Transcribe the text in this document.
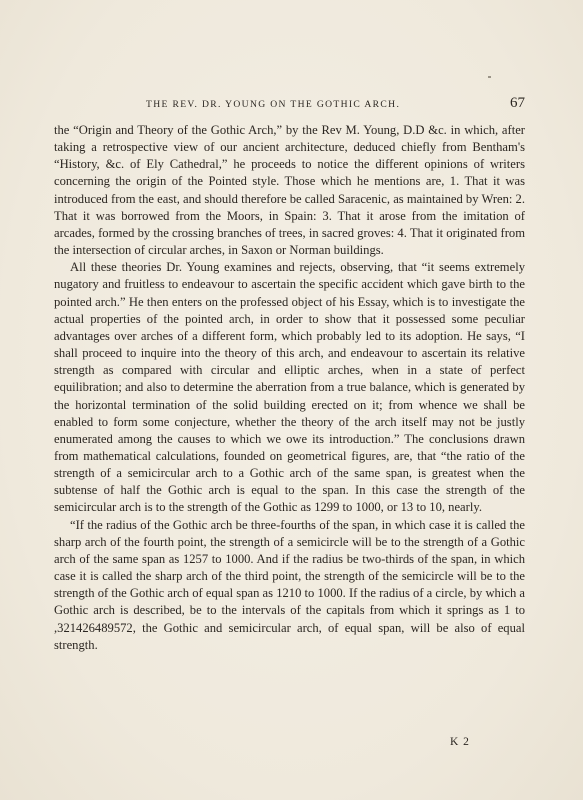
THE REV. DR. YOUNG ON THE GOTHIC ARCH.	67

the “Origin and Theory of the Gothic Arch,” by the Rev M. Young, D.D &c. in which, after taking a retrospective view of our ancient architecture, deduced chiefly from Bentham's “History, &c. of Ely Cathedral,” he proceeds to notice the different opinions of writers concerning the origin of the Pointed style. Those which he mentions are, 1. That it was introduced from the east, and should therefore be called Saracenic, as maintained by Wren: 2. That it was borrowed from the Moors, in Spain: 3. That it arose from the imitation of arcades, formed by the crossing branches of trees, in sacred groves: 4. That it originated from the intersection of circular arches, in Saxon or Norman buildings.

All these theories Dr. Young examines and rejects, observing, that “it seems extremely nugatory and fruitless to endeavour to ascertain the specific accident which gave birth to the pointed arch.” He then enters on the professed object of his Essay, which is to investigate the actual properties of the pointed arch, in order to show that it possessed some peculiar advantages over arches of a different form, which probably led to its adoption. He says, “I shall proceed to inquire into the theory of this arch, and endeavour to ascertain its relative strength as compared with circular and elliptic arches, when in a state of perfect equilibration; and also to determine the aberration from a true balance, which is generated by the horizontal termination of the solid building erected on it; from whence we shall be enabled to form some conjecture, whether the theory of the arch itself may not be justly enumerated among the causes to which we owe its introduction.” The conclusions drawn from mathematical calculations, founded on geometrical figures, are, that “the ratio of the strength of a semicircular arch to a Gothic arch of the same span, is greatest when the subtense of half the Gothic arch is equal to the span. In this case the strength of the semicircular arch is to the strength of the Gothic as 1299 to 1000, or 13 to 10, nearly.

“If the radius of the Gothic arch be three-fourths of the span, in which case it is called the sharp arch of the fourth point, the strength of a semicircle will be to the strength of a Gothic arch of the same span as 1257 to 1000. And if the radius be two-thirds of the span, in which case it is called the sharp arch of the third point, the strength of the semicircle will be to the strength of the Gothic arch of equal span as 1210 to 1000. If the radius of a circle, by which a Gothic arch is described, be to the intervals of the capitals from which it springs as 1 to ,321426489572, the Gothic and semicircular arch, of equal span, will be also of equal strength.

K 2
